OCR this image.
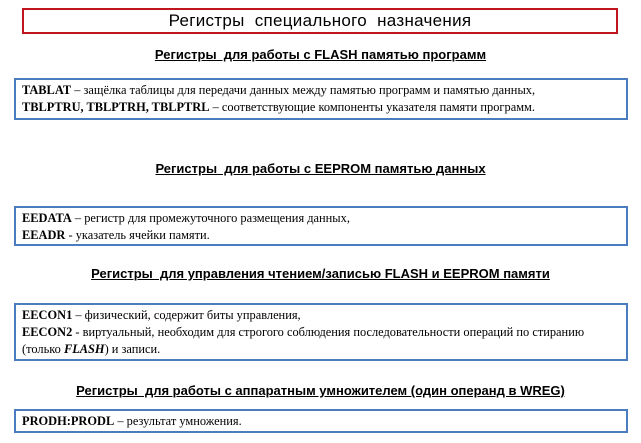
Регистры  специального  назначения
Регистры  для работы с FLASH памятью программ
TABLAT – защёлка таблицы для передачи данных между памятью программ и памятью данных,
TBLPTRU, TBLPTRH, TBLPTRL – соответствующие компоненты указателя памяти программ.
Регистры  для работы с EEPROM памятью данных
EEDATA – регистр для промежуточного размещения данных,
EEADR - указатель ячейки памяти.
Регистры  для управления чтением/записью FLASH и EEPROM памяти
EECON1 – физический, содержит биты управления,
EECON2 - виртуальный, необходим для строгого соблюдения последовательности операций по стиранию (только FLASH) и записи.
Регистры  для работы с аппаратным умножителем (один операнд в WREG)
PRODH:PRODL – результат умножения.
